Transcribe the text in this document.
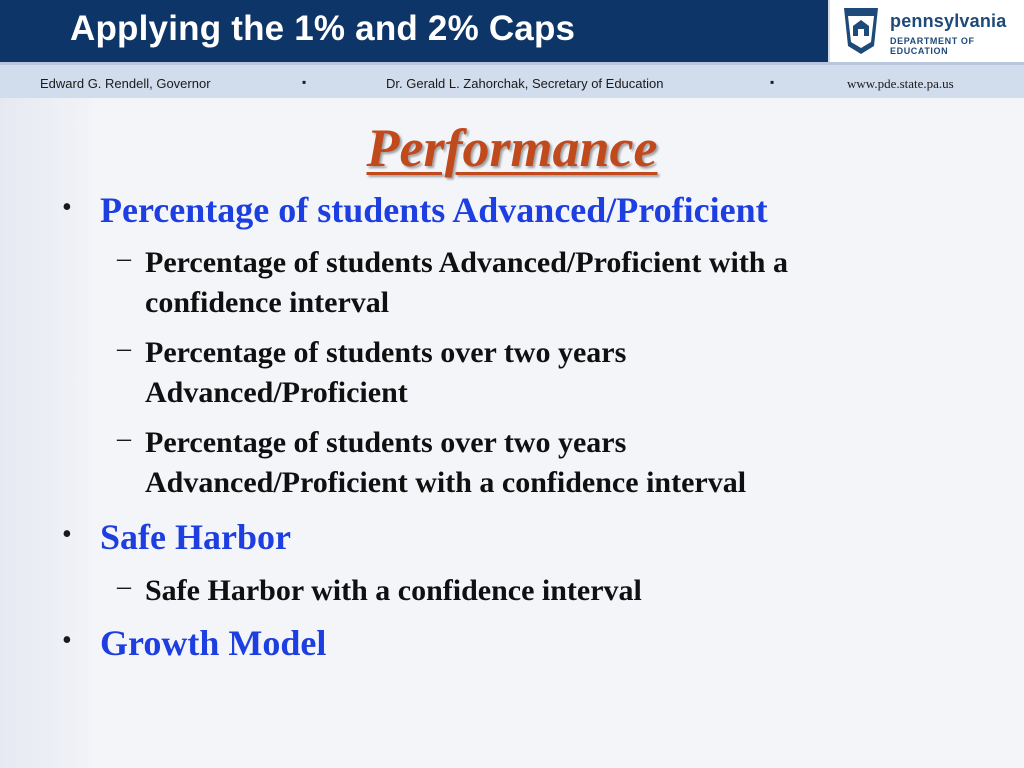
Applying the 1% and 2% Caps	pennsylvania
DEPARTMENT OF EDUCATION
Edward G. Rendell, Governor	▪	Dr. Gerald L. Zahorchak, Secretary of Education	▪	www.pde.state.pa.us
Performance
• Percentage of students Advanced/Proficient
– Percentage of students Advanced/Proficient with a confidence interval
– Percentage of students over two years Advanced/Proficient
– Percentage of students over two years Advanced/Proficient with a confidence interval
• Safe Harbor
– Safe Harbor with a confidence interval
• Growth Model
